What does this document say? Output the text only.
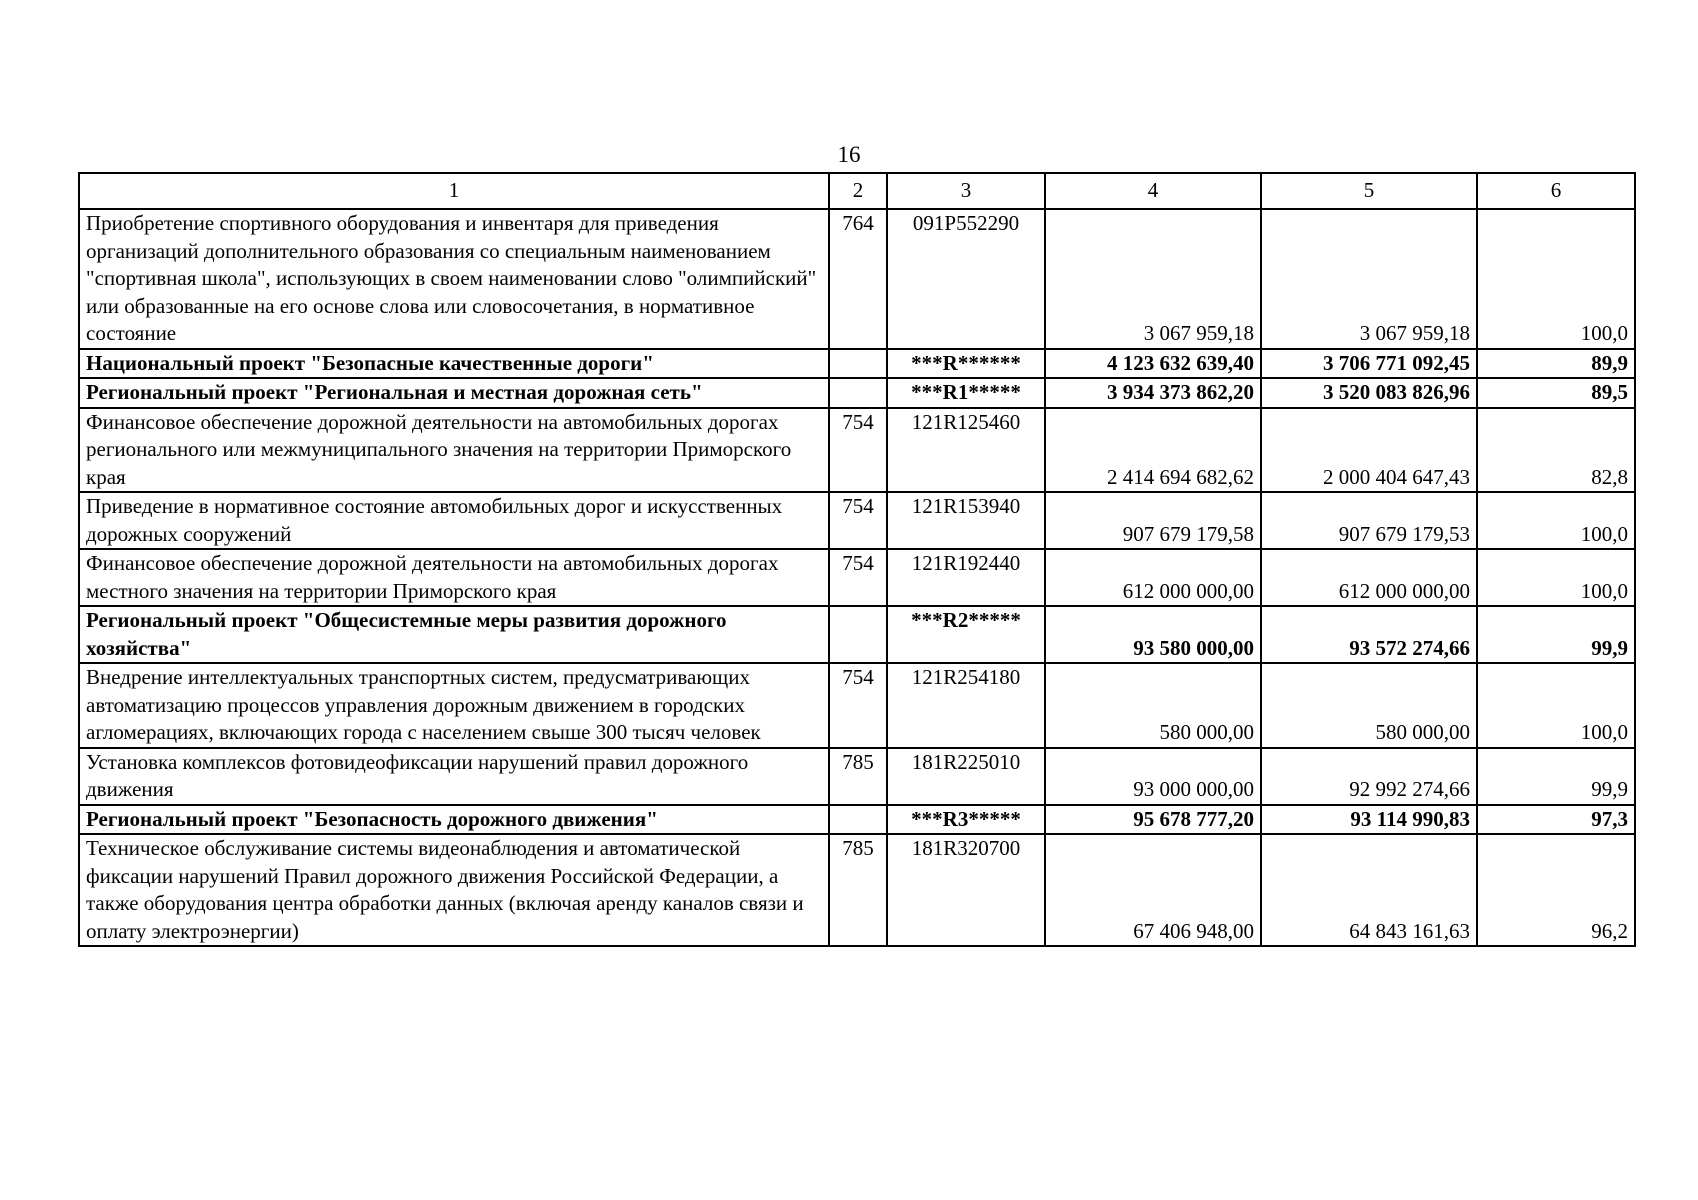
16
1	2	3	4	5	6
Приобретение спортивного оборудования и инвентаря для приведения организаций дополнительного образования со специальным наименованием "спортивная школа", использующих в своем наименовании слово "олимпийский" или образованные на его основе слова или словосочетания, в нормативное состояние	764	091P552290	3 067 959,18	3 067 959,18	100,0
Национальный проект "Безопасные качественные дороги"		***R******	4 123 632 639,40	3 706 771 092,45	89,9
Региональный проект "Региональная и местная дорожная сеть"		***R1*****	3 934 373 862,20	3 520 083 826,96	89,5
Финансовое обеспечение дорожной деятельности на автомобильных дорогах регионального или межмуниципального значения на территории Приморского края	754	121R125460	2 414 694 682,62	2 000 404 647,43	82,8
Приведение в нормативное состояние автомобильных дорог и искусственных дорожных сооружений	754	121R153940	907 679 179,58	907 679 179,53	100,0
Финансовое обеспечение дорожной деятельности на автомобильных дорогах местного значения на территории Приморского края	754	121R192440	612 000 000,00	612 000 000,00	100,0
Региональный проект "Общесистемные меры развития дорожного хозяйства"		***R2*****	93 580 000,00	93 572 274,66	99,9
Внедрение интеллектуальных транспортных систем, предусматривающих автоматизацию процессов управления дорожным движением в городских агломерациях, включающих города с населением свыше 300 тысяч человек	754	121R254180	580 000,00	580 000,00	100,0
Установка комплексов фотовидеофиксации нарушений правил дорожного движения	785	181R225010	93 000 000,00	92 992 274,66	99,9
Региональный проект "Безопасность дорожного движения"		***R3*****	95 678 777,20	93 114 990,83	97,3
Техническое обслуживание системы видеонаблюдения и автоматической фиксации нарушений Правил дорожного движения Российской Федерации, а также оборудования центра обработки данных (включая аренду каналов связи и оплату электроэнергии)	785	181R320700	67 406 948,00	64 843 161,63	96,2
